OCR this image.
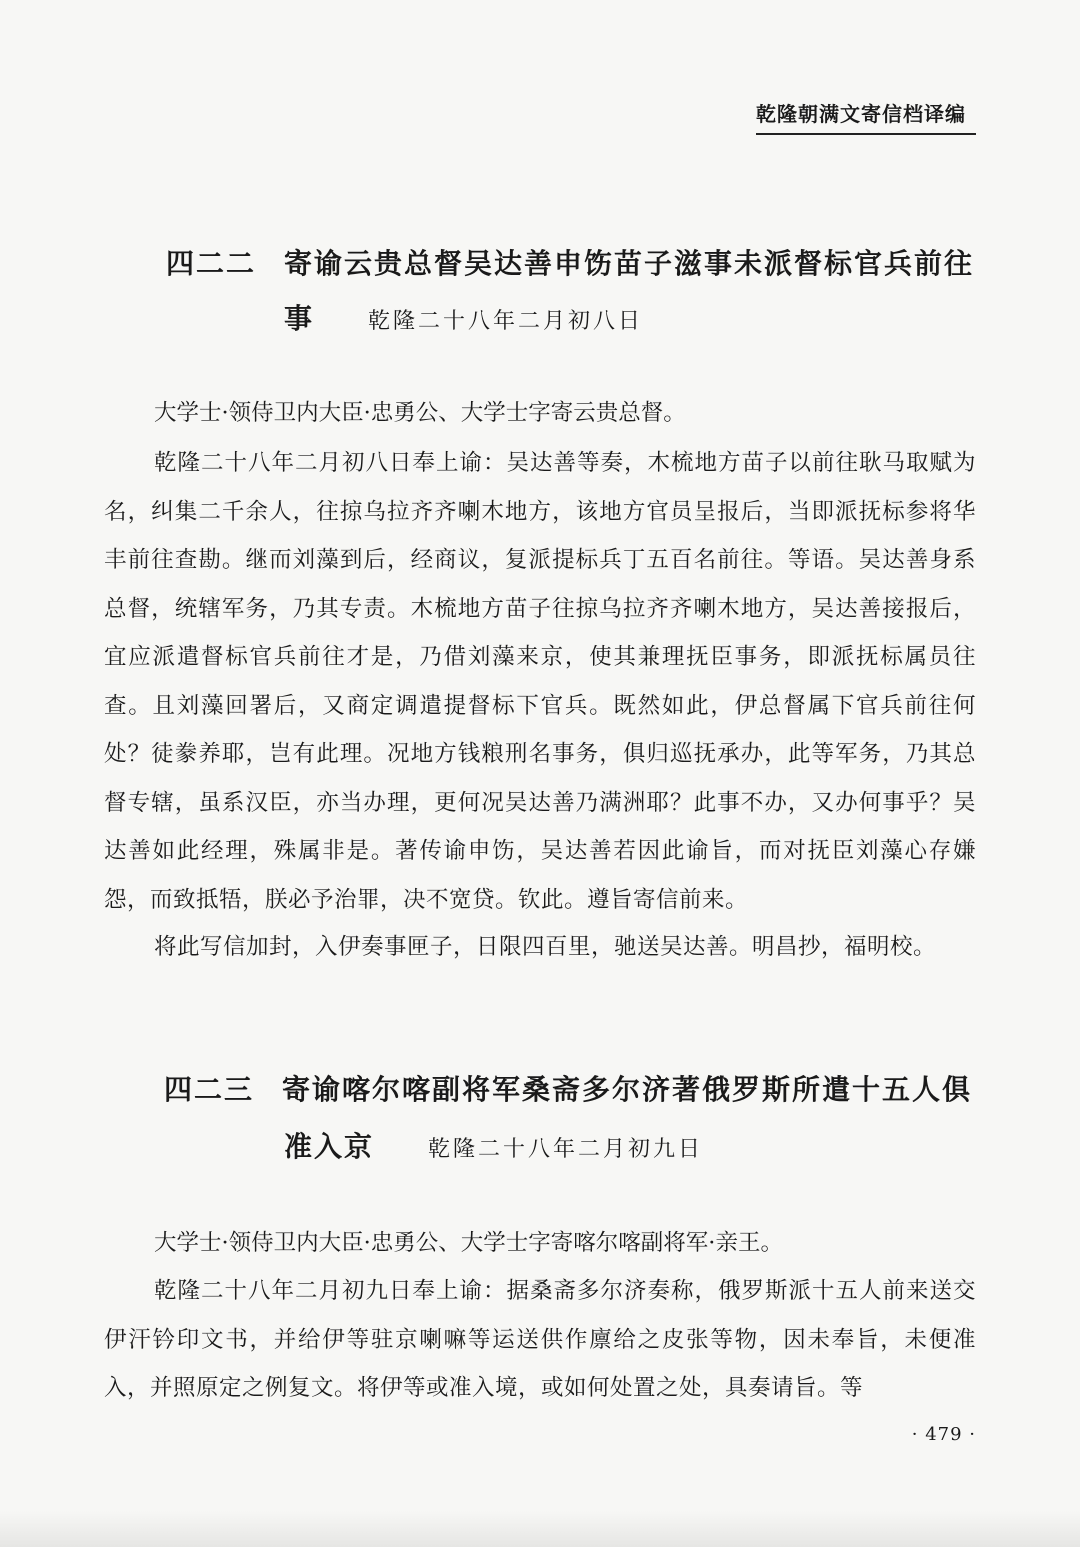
乾隆朝满文寄信档译编
四二二 寄谕云贵总督吴达善申饬苗子滋事未派督标官兵前往
事 乾隆二十八年二月初八日
大学士·领侍卫内大臣·忠勇公、大学士字寄云贵总督。
乾隆二十八年二月初八日奉上谕：吴达善等奏，木梳地方苗子以前往耿马取赋为名，纠集二千余人，往掠乌拉齐齐喇木地方，该地方官员呈报后，当即派抚标参将华丰前往查勘。继而刘藻到后，经商议，复派提标兵丁五百名前往。等语。吴达善身系总督，统辖军务，乃其专责。木梳地方苗子往掠乌拉齐齐喇木地方，吴达善接报后，宜应派遣督标官兵前往才是，乃借刘藻来京，使其兼理抚臣事务，即派抚标属员往查。且刘藻回署后，又商定调遣提督标下官兵。既然如此，伊总督属下官兵前往何处？徒豢养耶，岂有此理。况地方钱粮刑名事务，俱归巡抚承办，此等军务，乃其总督专辖，虽系汉臣，亦当办理，更何况吴达善乃满洲耶？此事不办，又办何事乎？吴达善如此经理，殊属非是。著传谕申饬，吴达善若因此谕旨，而对抚臣刘藻心存嫌怨，而致抵牾，朕必予治罪，决不宽贷。钦此。遵旨寄信前来。
将此写信加封，入伊奏事匣子，日限四百里，驰送吴达善。明昌抄，福明校。
四二三 寄谕喀尔喀副将军桑斋多尔济著俄罗斯所遣十五人俱
准入京 乾隆二十八年二月初九日
大学士·领侍卫内大臣·忠勇公、大学士字寄喀尔喀副将军·亲王。
乾隆二十八年二月初九日奉上谕：据桑斋多尔济奏称，俄罗斯派十五人前来送交伊汗钤印文书，并给伊等驻京喇嘛等运送供作廪给之皮张等物，因未奉旨，未便准入，并照原定之例复文。将伊等或准入境，或如何处置之处，具奏请旨。等
· 479 ·
